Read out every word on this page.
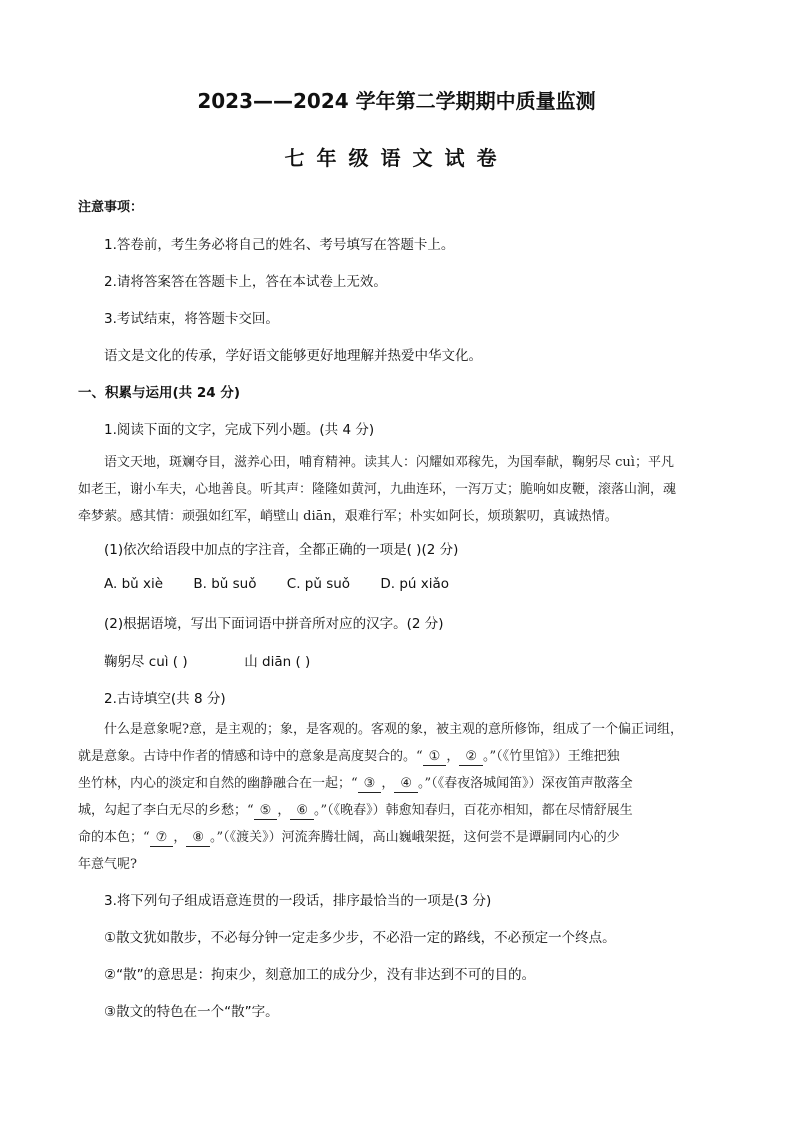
2023——2024 学年第二学期期中质量监测
七年级语文试卷
注意事项：
1.答卷前，考生务必将自己的姓名、考号填写在答题卡上。
2.请将答案答在答题卡上，答在本试卷上无效。
3.考试结束，将答题卡交回。
语文是文化的传承，学好语文能够更好地理解并热爱中华文化。
一、积累与运用(共 24 分)
1.阅读下面的文字，完成下列小题。(共 4 分)
语文天地，斑斓夺目，滋养心田，哺育精神。读其人：闪耀如邓稼先，为国奉献，鞠躬尽 cuì；平凡
如老王，谢小车夫，心地善良。听其声：隆隆如黄河，九曲连环，一泻万丈；脆响如皮鞭，滚落山涧，魂
牵梦萦。感其情：顽强如红军，峭壁山 diān，艰难行军；朴实如阿长，烦琐絮叨，真诚热情。
(1)依次给语段中加点的字注音，全都正确的一项是( )(2 分)
A. bǔ xiè B. bǔ suǒ C. pǔ suǒ D. pú xiǎo
(2)根据语境，写出下面词语中拼音所对应的汉字。(2 分)
鞠躬尽 cuì ( )	山 diān ( )
2.古诗填空(共 8 分)
什么是意象呢?意，是主观的；象，是客观的。客观的象，被主观的意所修饰，组成了一个偏正词组，
就是意象。古诗中作者的情感和诗中的意象是高度契合的。“ ① ， ② 。”（《竹里馆》）王维把独
坐竹林，内心的淡定和自然的幽静融合在一起；“ ③ ， ④ 。”（《春夜洛城闻笛》）深夜笛声散落全
城，勾起了李白无尽的乡愁；“ ⑤ ， ⑥ 。”（《晚春》）韩愈知春归，百花亦相知，都在尽情舒展生
命的本色；“ ⑦ ， ⑧ 。”（《渡关》）河流奔腾壮阔，高山巍峨架挺，这何尝不是谭嗣同内心的少
年意气呢?
3.将下列句子组成语意连贯的一段话，排序最恰当的一项是(3 分)
①散文犹如散步，不必每分钟一定走多少步，不必沿一定的路线，不必预定一个终点。
②“散”的意思是：拘束少，刻意加工的成分少，没有非达到不可的目的。
③散文的特色在一个“散”字。
